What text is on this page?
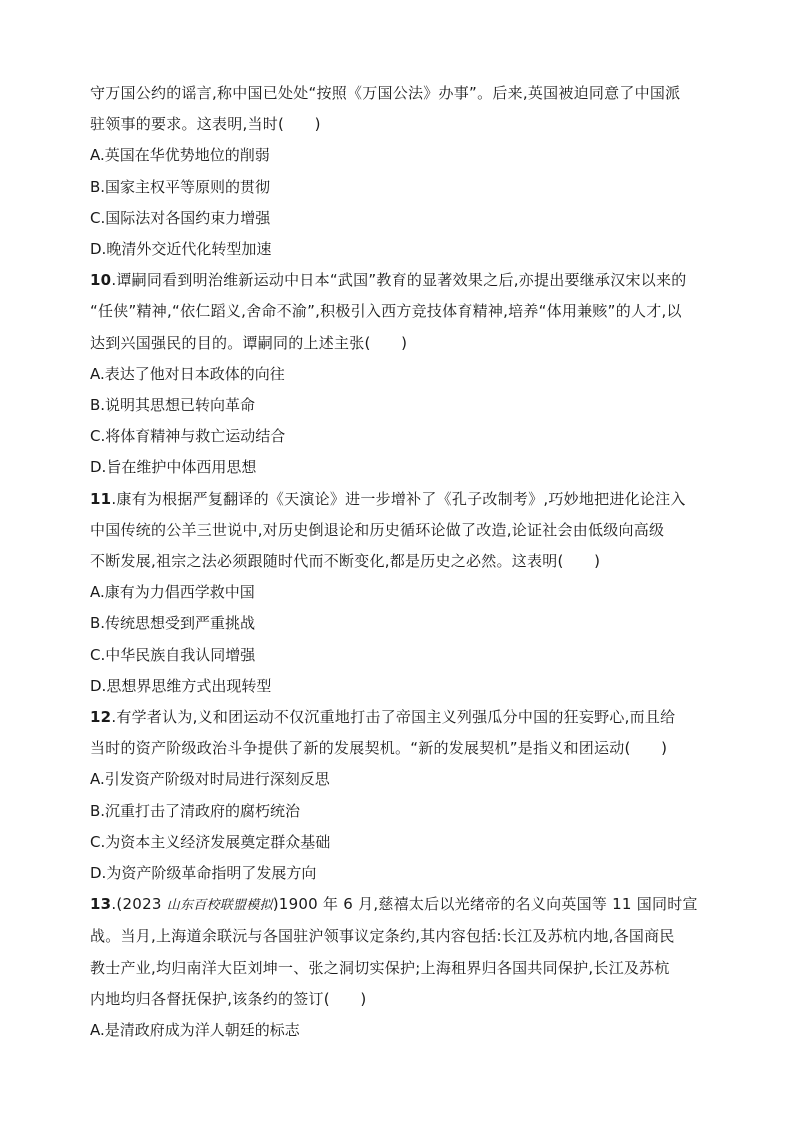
守万国公约的谣言,称中国已处处“按照《万国公法》办事”。后来,英国被迫同意了中国派
驻领事的要求。这表明,当时(　　)
A.英国在华优势地位的削弱
B.国家主权平等原则的贯彻
C.国际法对各国约束力增强
D.晚清外交近代化转型加速
10.谭嗣同看到明治维新运动中日本“武国”教育的显著效果之后,亦提出要继承汉宋以来的
“任侠”精神,“依仁蹈义,舍命不渝”,积极引入西方竞技体育精神,培养“体用兼赅”的人才,以
达到兴国强民的目的。谭嗣同的上述主张(　　)
A.表达了他对日本政体的向往
B.说明其思想已转向革命
C.将体育精神与救亡运动结合
D.旨在维护中体西用思想
11.康有为根据严复翻译的《天演论》进一步增补了《孔子改制考》,巧妙地把进化论注入
中国传统的公羊三世说中,对历史倒退论和历史循环论做了改造,论证社会由低级向高级
不断发展,祖宗之法必须跟随时代而不断变化,都是历史之必然。这表明(　　)
A.康有为力倡西学救中国
B.传统思想受到严重挑战
C.中华民族自我认同增强
D.思想界思维方式出现转型
12.有学者认为,义和团运动不仅沉重地打击了帝国主义列强瓜分中国的狂妄野心,而且给
当时的资产阶级政治斗争提供了新的发展契机。“新的发展契机”是指义和团运动(　　)
A.引发资产阶级对时局进行深刻反思
B.沉重打击了清政府的腐朽统治
C.为资本主义经济发展奠定群众基础
D.为资产阶级革命指明了发展方向
13.(2023 山东百校联盟模拟)1900 年 6 月,慈禧太后以光绪帝的名义向英国等 11 国同时宣
战。当月,上海道余联沅与各国驻沪领事议定条约,其内容包括:长江及苏杭内地,各国商民
教士产业,均归南洋大臣刘坤一、张之洞切实保护;上海租界归各国共同保护,长江及苏杭
内地均归各督抚保护,该条约的签订(　　)
A.是清政府成为洋人朝廷的标志
